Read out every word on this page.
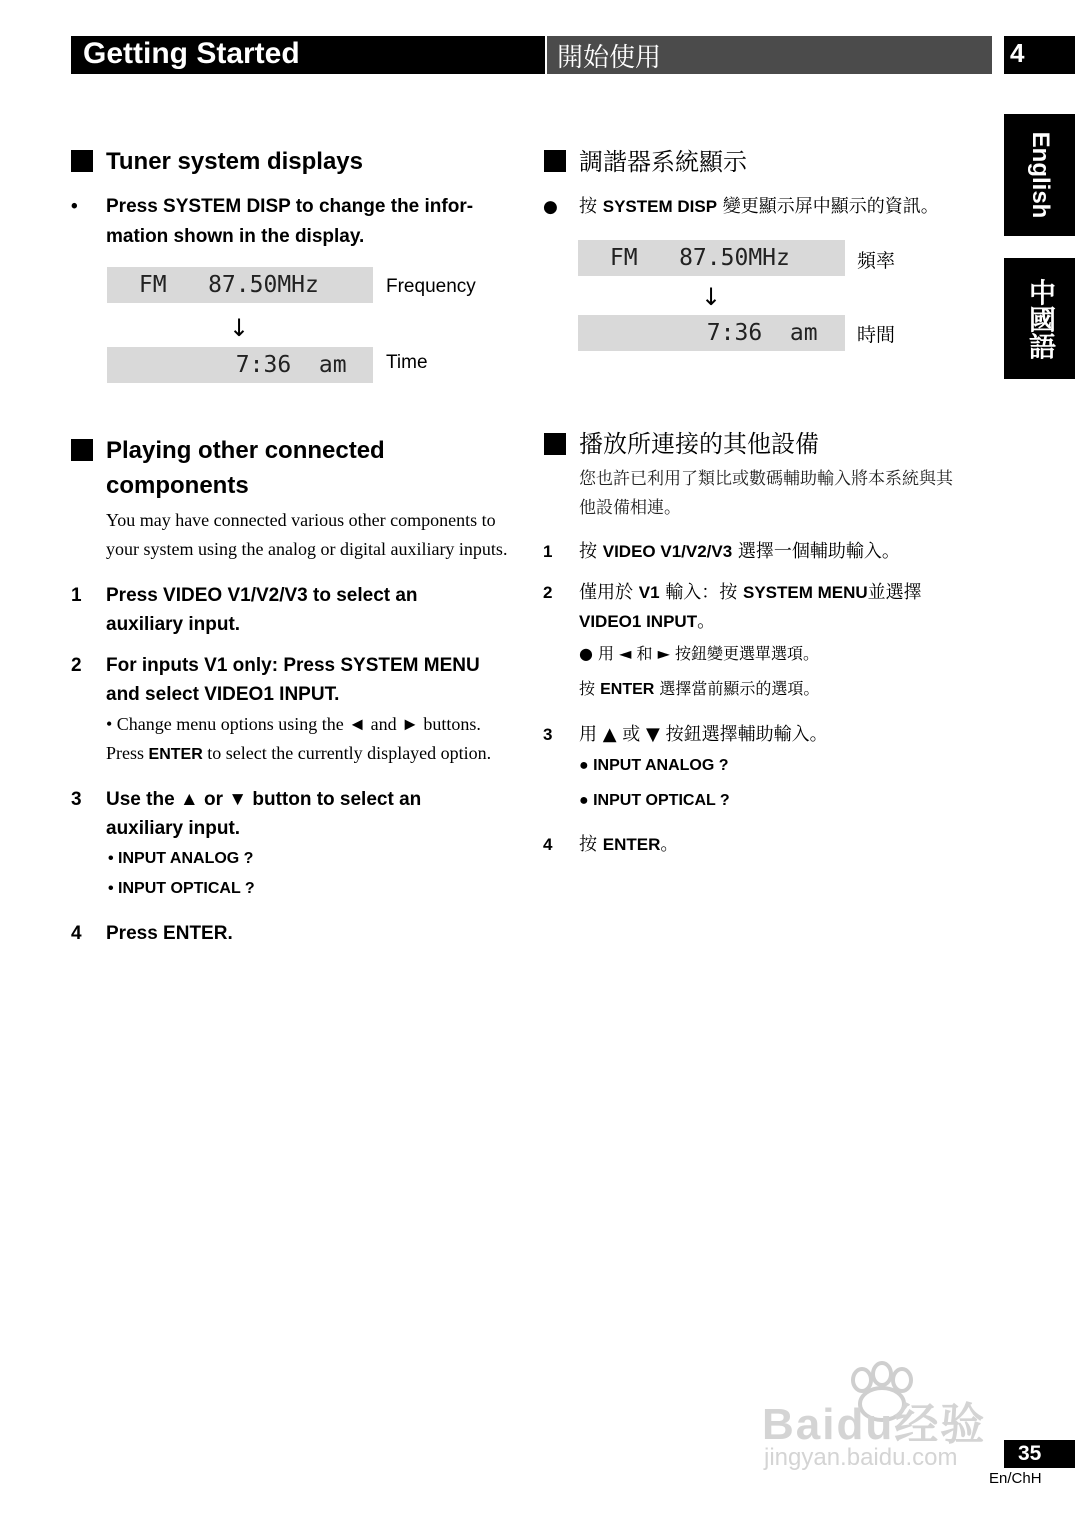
Getting Started	開始使用	4
English
中國語
Tuner system displays
• Press SYSTEM DISP to change the infor-
mation shown in the display.
FM   87.50MHz	Frequency
↓
7:36  am	Time
Playing other connected
components
You may have connected various other components to
your system using the analog or digital auxiliary inputs.
1 Press VIDEO V1/V2/V3 to select an
auxiliary input.
2 For inputs V1 only: Press SYSTEM MENU
and select VIDEO1 INPUT.
• Change menu options using the ◄ and ► buttons.
Press ENTER to select the currently displayed option.
3 Use the ▲ or ▼ button to select an
auxiliary input.
• INPUT ANALOG ?
• INPUT OPTICAL ?
4 Press ENTER.
調諧器系統顯示
● 按 SYSTEM DISP 變更顯示屏中顯示的資訊。
FM   87.50MHz	頻率
↓
7:36  am	時間
播放所連接的其他設備
您也許已利用了類比或數碼輔助輸入將本系統與其
他設備相連。
1 按 VIDEO V1/V2/V3 選擇一個輔助輸入。
2 僅用於 V1 輸入：按 SYSTEM MENU並選擇
VIDEO1 INPUT。
● 用 ◄ 和 ► 按鈕變更選單選項。
按 ENTER 選擇當前顯示的選項。
3 用 ▲ 或 ▼ 按鈕選擇輔助輸入。
● INPUT ANALOG ?
● INPUT OPTICAL ?
4 按 ENTER。
Baidu经验
jingyan.baidu.com	35
En/ChH
